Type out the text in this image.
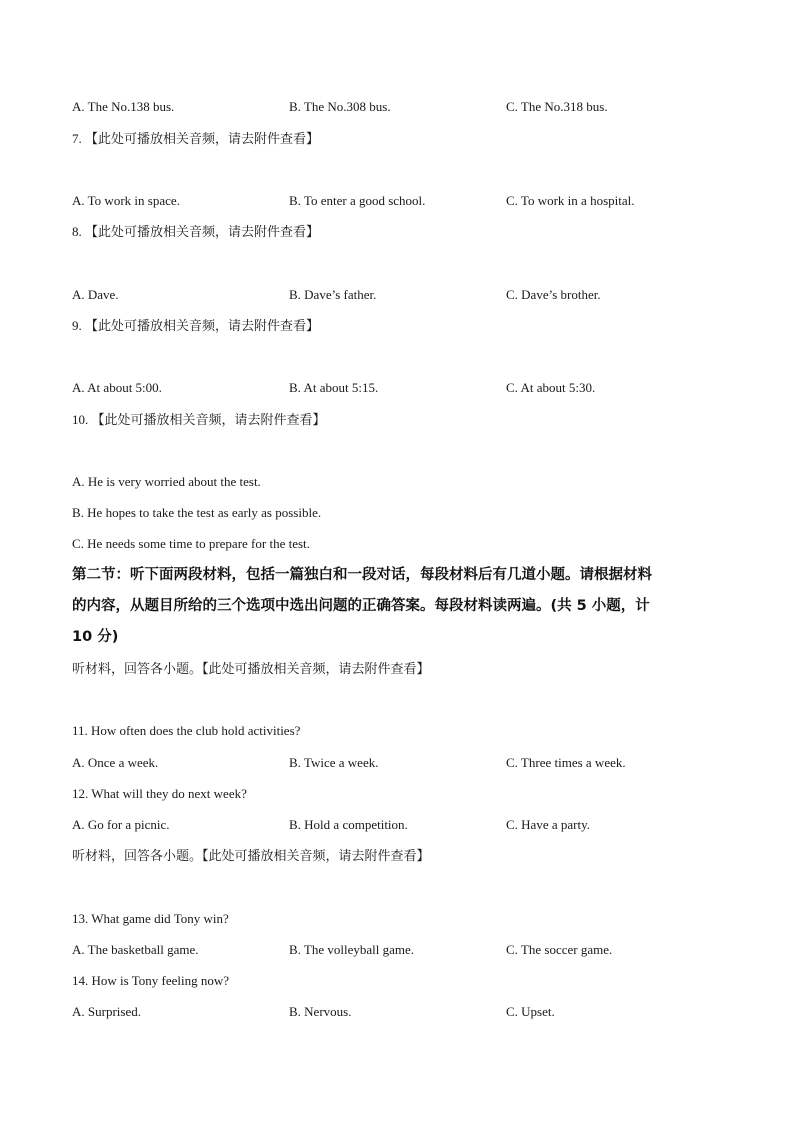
A. The No.138 bus.	B. The No.308 bus.	C. The No.318 bus.
7. 【此处可播放相关音频，请去附件查看】
A. To work in space.	B. To enter a good school.	C. To work in a hospital.
8. 【此处可播放相关音频，请去附件查看】
A. Dave.	B. Dave’s father.	C. Dave’s brother.
9. 【此处可播放相关音频，请去附件查看】
A. At about 5:00.	B. At about 5:15.	C. At about 5:30.
10. 【此处可播放相关音频，请去附件查看】
A. He is very worried about the test.
B. He hopes to take the test as early as possible.
C. He needs some time to prepare for the test.
第二节：听下面两段材料，包括一篇独白和一段对话，每段材料后有几道小题。请根据材料
的内容，从题目所给的三个选项中选出问题的正确答案。每段材料读两遍。(共 5 小题，计
10 分)
听材料，回答各小题。【此处可播放相关音频，请去附件查看】
11. How often does the club hold activities?
A. Once a week.	B. Twice a week.	C. Three times a week.
12. What will they do next week?
A. Go for a picnic.	B. Hold a competition.	C. Have a party.
听材料，回答各小题。【此处可播放相关音频，请去附件查看】
13. What game did Tony win?
A. The basketball game.	B. The volleyball game.	C. The soccer game.
14. How is Tony feeling now?
A. Surprised.	B. Nervous.	C. Upset.
